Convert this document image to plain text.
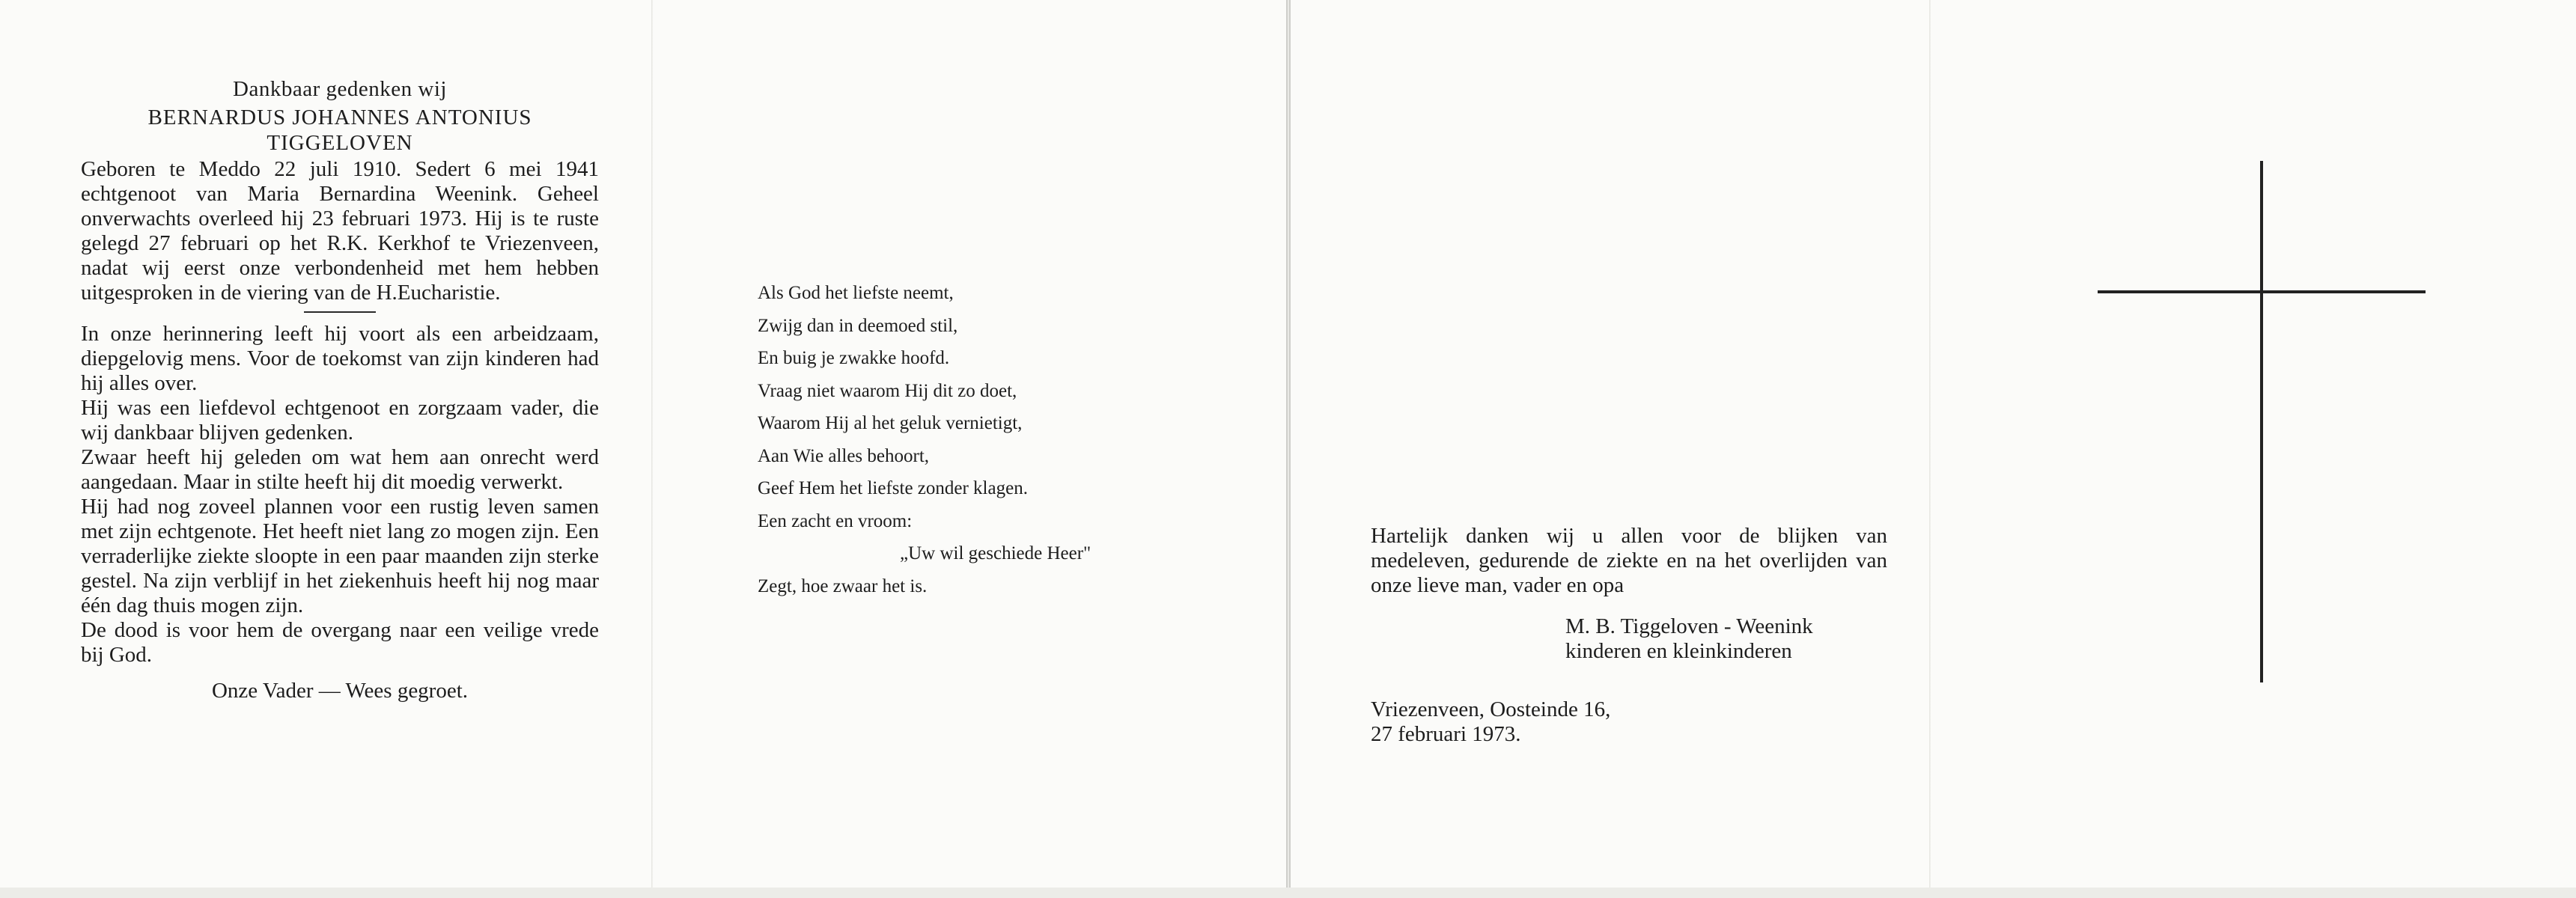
Dankbaar gedenken wij
BERNARDUS JOHANNES ANTONIUS
TIGGELOVEN

Geboren te Meddo 22 juli 1910. Sedert 6 mei 1941 echtgenoot van Maria Bernardina Weenink. Geheel onverwachts overleed hij 23 februari 1973. Hij is te ruste gelegd 27 februari op het R.K. Kerkhof te Vriezenveen, nadat wij eerst onze verbondenheid met hem hebben uitgesproken in de viering van de H.Eucharistie.

In onze herinnering leeft hij voort als een arbeidzaam, diepgelovig mens. Voor de toekomst van zijn kinderen had hij alles over.

Hij was een liefdevol echtgenoot en zorgzaam vader, die wij dankbaar blijven gedenken.

Zwaar heeft hij geleden om wat hem aan onrecht werd aangedaan. Maar in stilte heeft hij dit moedig verwerkt.

Hij had nog zoveel plannen voor een rustig leven samen met zijn echtgenote. Het heeft niet lang zo mogen zijn. Een verraderlijke ziekte sloopte in een paar maanden zijn sterke gestel. Na zijn verblijf in het ziekenhuis heeft hij nog maar één dag thuis mogen zijn.

De dood is voor hem de overgang naar een veilige vrede bij God.

Onze Vader — Wees gegroet.
Als God het liefste neemt,
Zwijg dan in deemoed stil,
En buig je zwakke hoofd.
Vraag niet waarom Hij dit zo doet,
Waarom Hij al het geluk vernietigt,
Aan Wie alles behoort,
Geef Hem het liefste zonder klagen.
Een zacht en vroom:
„Uw wil geschiede Heer"
Zegt, hoe zwaar het is.

Hartelijk danken wij u allen voor de blijken van medeleven, gedurende de ziekte en na het overlijden van onze lieve man, vader en opa

M. B. Tiggeloven - Weenink
kinderen en kleinkinderen
Vriezenveen, Oosteinde 16,
27 februari 1973.
